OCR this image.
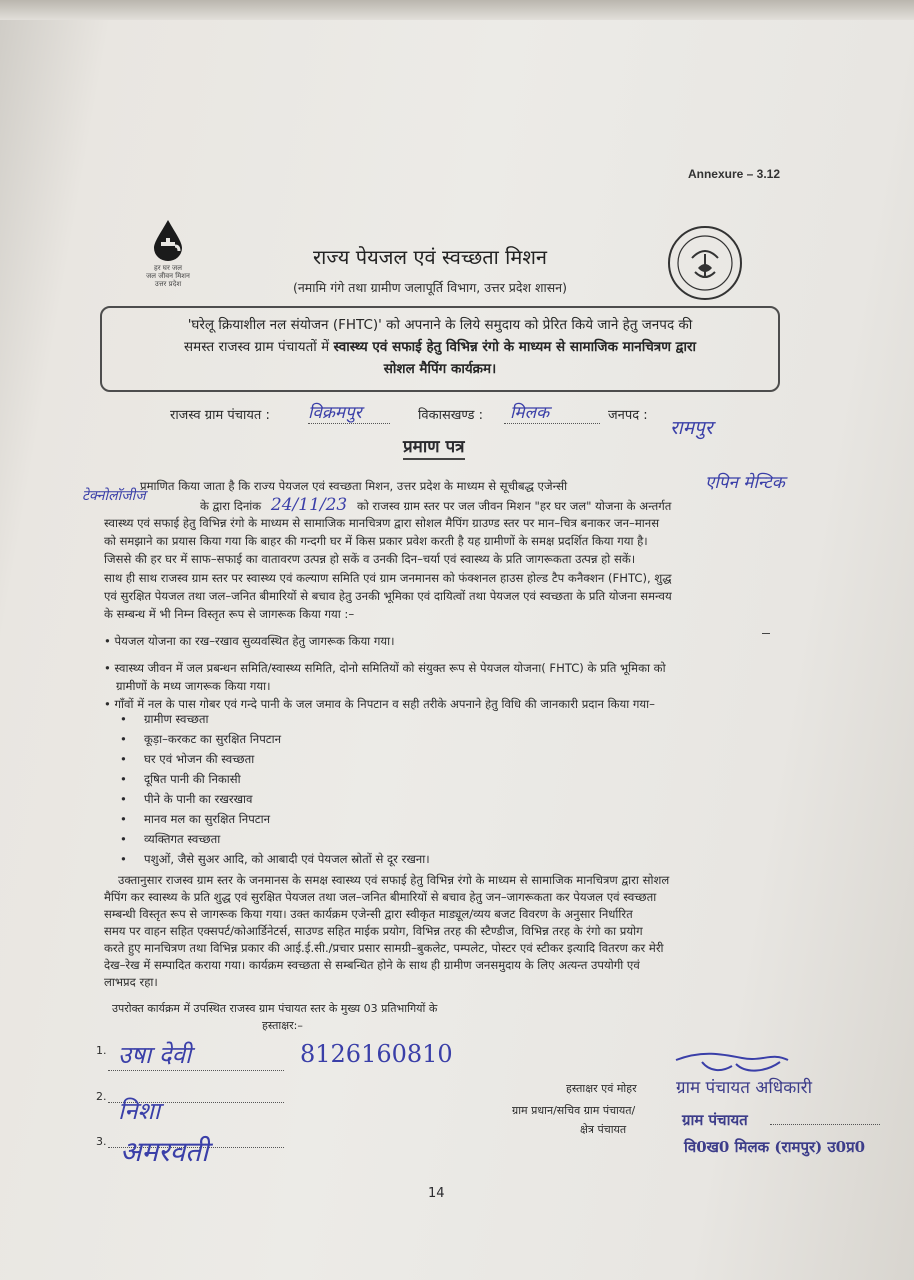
Annexure – 3.12
हर घर जल
जल जीवन मिशन
उत्तर प्रदेश
राज्य पेयजल एवं स्वच्छता मिशन
(नमामि गंगे तथा ग्रामीण जलापूर्ति विभाग, उत्तर प्रदेश शासन)
'घरेलू क्रियाशील नल संयोजन (FHTC)' को अपनाने के लिये समुदाय को प्रेरित किये जाने हेतु जनपद की
समस्त राजस्व ग्राम पंचायतों में स्वास्थ्य एवं सफाई हेतु विभिन्न रंगो के माध्यम से सामाजिक मानचित्रण द्वारा
सोशल मैपिंग कार्यक्रम।
राजस्व ग्राम पंचायत : विक्रमपुर	विकासखण्ड : मिलक	जनपद :
रामपुर
प्रमाण पत्र
प्रमाणित किया जाता है कि राज्य पेयजल एवं स्वच्छता मिशन, उत्तर प्रदेश के माध्यम से सूचीबद्ध एजेन्सी	एपिन मेन्टिक
टेक्नोलॉजीज
के द्वारा दिनांक 24/11/23 को राजस्व ग्राम स्तर पर जल जीवन मिशन "हर घर जल" योजना के अन्तर्गत
स्वास्थ्य एवं सफाई हेतु विभिन्न रंगो के माध्यम से सामाजिक मानचित्रण द्वारा सोशल मैपिंग ग्राउण्ड स्तर पर मान–चित्र बनाकर जन–मानस
को समझाने का प्रयास किया गया कि बाहर की गन्दगी घर में किस प्रकार प्रवेश करती है यह ग्रामीणों के समक्ष प्रदर्शित किया गया है।
जिससे की हर घर में साफ–सफाई का वातावरण उत्पन्न हो सकें व उनकी दिन–चर्या एवं स्वास्थ्य के प्रति जागरूकता उत्पन्न हो सकें।
साथ ही साथ राजस्व ग्राम स्तर पर स्वास्थ्य एवं कल्याण समिति एवं ग्राम जनमानस को फंक्शनल हाउस होल्ड टैप कनैक्शन (FHTC), शुद्ध
एवं सुरक्षित पेयजल तथा जल–जनित बीमारियों से बचाव हेतु उनकी भूमिका एवं दायित्वों तथा पेयजल एवं स्वच्छता के प्रति योजना समन्वय
के सम्बन्ध में भी निम्न विस्तृत रूप से जागरूक किया गया :–
• पेयजल योजना का रख–रखाव सुव्यवस्थित हेतु जागरूक किया गया।
• स्वास्थ्य जीवन में जल प्रबन्धन समिति/स्वास्थ्य समिति, दोनो समितियों को संयुक्त रूप से पेयजल योजना( FHTC) के प्रति भूमिका को
ग्रामीणों के मध्य जागरूक किया गया।
• गाँवों में नल के पास गोबर एवं गन्दे पानी के जल जमाव के निपटान व सही तरीके अपनाने हेतु विधि की जानकारी प्रदान किया गया–
• ग्रामीण स्वच्छता
• कूड़ा–करकट का सुरक्षित निपटान
• घर एवं भोजन की स्वच्छता
• दूषित पानी की निकासी
• पीने के पानी का रखरखाव
• मानव मल का सुरक्षित निपटान
• व्यक्तिगत स्वच्छता
• पशुओं, जैसे सुअर आदि, को आबादी एवं पेयजल स्रोतों से दूर रखना।
उक्तानुसार राजस्व ग्राम स्तर के जनमानस के समक्ष स्वास्थ्य एवं सफाई हेतु विभिन्न रंगो के माध्यम से सामाजिक मानचित्रण द्वारा सोशल
मैपिंग कर स्वास्थ्य के प्रति शुद्ध एवं सुरक्षित पेयजल तथा जल–जनित बीमारियों से बचाव हेतु जन–जागरूकता कर पेयजल एवं स्वच्छता
सम्बन्धी विस्तृत रूप से जागरूक किया गया। उक्त कार्यक्रम एजेन्सी द्वारा स्वीकृत माड्यूल/व्यय बजट विवरण के अनुसार निर्धारित
समय पर वाहन सहित एक्सपर्ट/कोआर्डिनेटर्स, साउण्ड सहित माईक प्रयोग, विभिन्न तरह की स्टैण्डीज, विभिन्न तरह के रंगो का प्रयोग
करते हुए मानचित्रण तथा विभिन्न प्रकार की आई.ई.सी./प्रचार प्रसार सामग्री–बुकलेट, पम्पलेट, पोस्टर एवं स्टीकर इत्यादि वितरण कर मेरी
देख–रेख में सम्पादित कराया गया। कार्यक्रम स्वच्छता से सम्बन्धित होने के साथ ही ग्रामीण जनसमुदाय के लिए अत्यन्त उपयोगी एवं
लाभप्रद रहा।
उपरोक्त कार्यक्रम में उपस्थित राजस्व ग्राम पंचायत स्तर के मुख्य 03 प्रतिभागियों के
हस्ताक्षर:–
1. उषा देवी	8126160810
2.
निशा
3. अमरवती
हस्ताक्षर एवं मोहर
ग्राम प्रधान/सचिव ग्राम पंचायत/
क्षेत्र पंचायत
ग्राम पंचायत अधिकारी
ग्राम पंचायत
वि0ख0 मिलक (रामपुर) उ0प्र0
14
